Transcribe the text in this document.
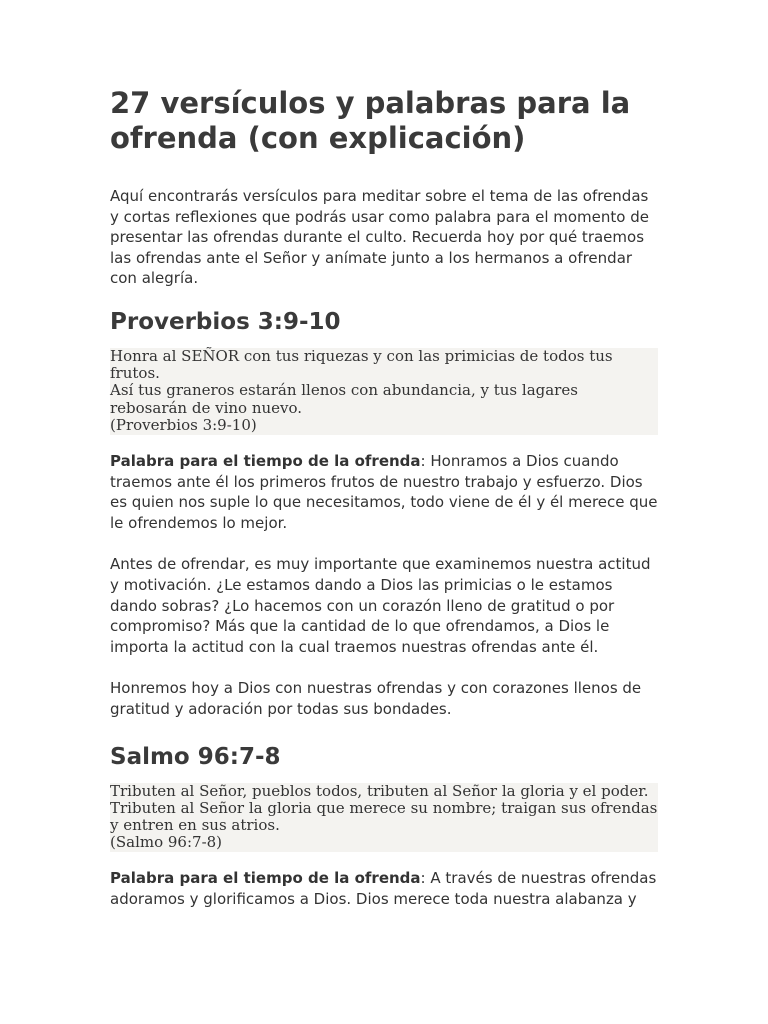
27 versículos y palabras para la ofrenda (con explicación)

Aquí encontrarás versículos para meditar sobre el tema de las ofrendas y cortas reflexiones que podrás usar como palabra para el momento de presentar las ofrendas durante el culto. Recuerda hoy por qué traemos las ofrendas ante el Señor y anímate junto a los hermanos a ofrendar con alegría.

Proverbios 3:9-10
Honra al SEÑOR con tus riquezas y con las primicias de todos tus frutos.
Así tus graneros estarán llenos con abundancia, y tus lagares rebosarán de vino nuevo.
(Proverbios 3:9-10)

Palabra para el tiempo de la ofrenda: Honramos a Dios cuando traemos ante él los primeros frutos de nuestro trabajo y esfuerzo. Dios es quien nos suple lo que necesitamos, todo viene de él y él merece que le ofrendemos lo mejor.

Antes de ofrendar, es muy importante que examinemos nuestra actitud y motivación. ¿Le estamos dando a Dios las primicias o le estamos dando sobras? ¿Lo hacemos con un corazón lleno de gratitud o por compromiso? Más que la cantidad de lo que ofrendamos, a Dios le importa la actitud con la cual traemos nuestras ofrendas ante él.

Honremos hoy a Dios con nuestras ofrendas y con corazones llenos de gratitud y adoración por todas sus bondades.

Salmo 96:7-8
Tributen al Señor, pueblos todos, tributen al Señor la gloria y el poder. Tributen al Señor la gloria que merece su nombre; traigan sus ofrendas y entren en sus atrios.
(Salmo 96:7-8)

Palabra para el tiempo de la ofrenda: A través de nuestras ofrendas adoramos y glorificamos a Dios. Dios merece toda nuestra alabanza y
